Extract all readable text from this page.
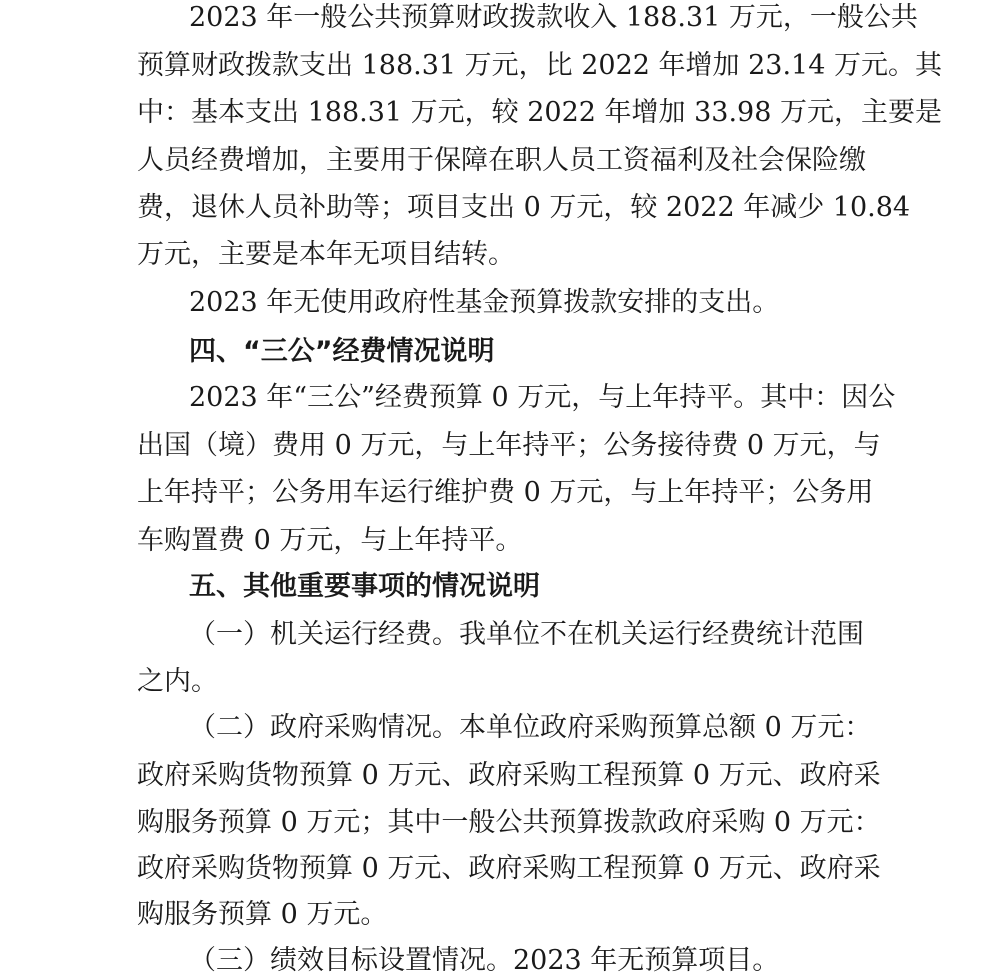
2023 年一般公共预算财政拨款收入 188.31 万元，一般公共
预算财政拨款支出 188.31 万元，比 2022 年增加 23.14 万元。其
中：基本支出 188.31 万元，较 2022 年增加 33.98 万元，主要是
人员经费增加，主要用于保障在职人员工资福利及社会保险缴
费，退休人员补助等；项目支出 0 万元，较 2022 年减少 10.84
万元，主要是本年无项目结转。
2023 年无使用政府性基金预算拨款安排的支出。
四、“三公”经费情况说明
2023 年“三公”经费预算 0 万元，与上年持平。其中：因公
出国（境）费用 0 万元，与上年持平；公务接待费 0 万元，与
上年持平；公务用车运行维护费 0 万元，与上年持平；公务用
车购置费 0 万元，与上年持平。
五、其他重要事项的情况说明
（一）机关运行经费。我单位不在机关运行经费统计范围
之内。
（二）政府采购情况。本单位政府采购预算总额 0 万元：
政府采购货物预算 0 万元、政府采购工程预算 0 万元、政府采
购服务预算 0 万元；其中一般公共预算拨款政府采购 0 万元：
政府采购货物预算 0 万元、政府采购工程预算 0 万元、政府采
购服务预算 0 万元。
（三）绩效目标设置情况。2023 年无预算项目。
